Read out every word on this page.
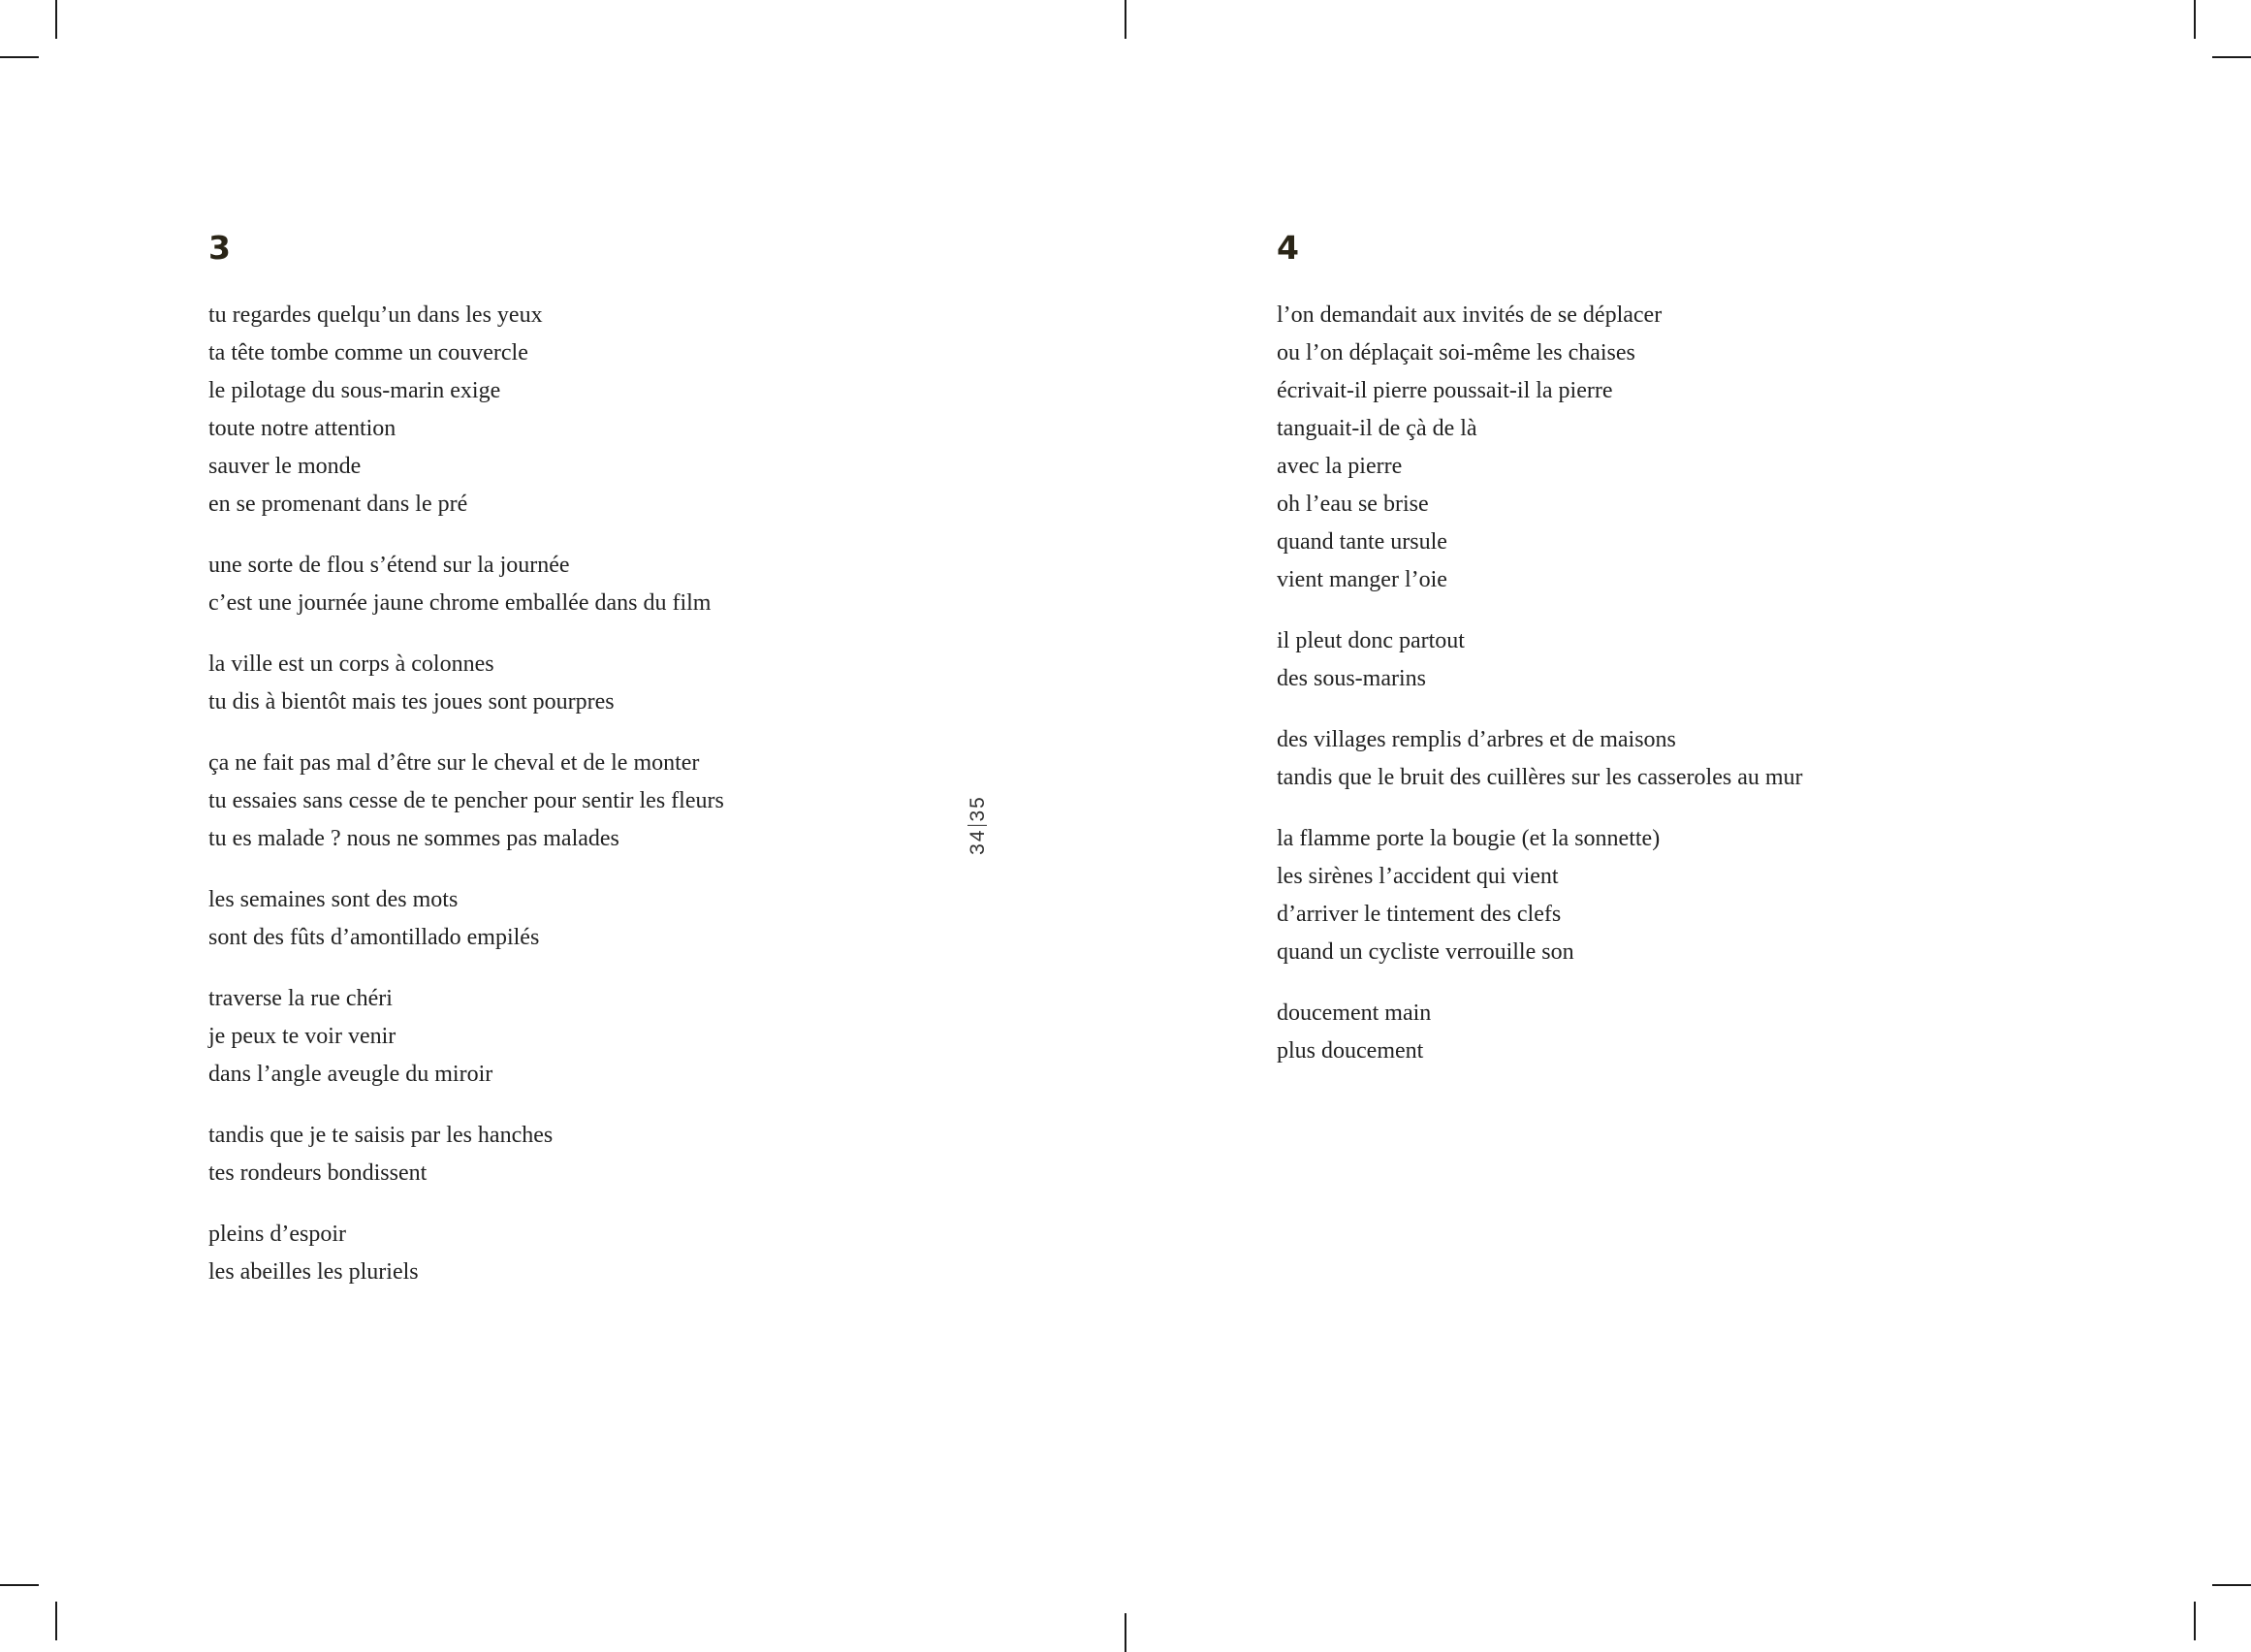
3
tu regardes quelqu’un dans les yeux
ta tête tombe comme un couvercle
le pilotage du sous-marin exige
toute notre attention
sauver le monde
en se promenant dans le pré
une sorte de flou s’étend sur la journée
c’est une journée jaune chrome emballée dans du film
la ville est un corps à colonnes
tu dis à bientôt mais tes joues sont pourpres
ça ne fait pas mal d’être sur le cheval et de le monter
tu essaies sans cesse de te pencher pour sentir les fleurs
tu es malade ? nous ne sommes pas malades
les semaines sont des mots
sont des fûts d’amontillado empilés
traverse la rue chéri
je peux te voir venir
dans l’angle aveugle du miroir
tandis que je te saisis par les hanches
tes rondeurs bondissent
pleins d’espoir
les abeilles les pluriels
3435
4
l’on demandait aux invités de se déplacer
ou l’on déplaçait soi-même les chaises
écrivait-il pierre poussait-il la pierre
tanguait-il de çà de là
avec la pierre
oh l’eau se brise
quand tante ursule
vient manger l’oie
il pleut donc partout
des sous-marins
des villages remplis d’arbres et de maisons
tandis que le bruit des cuillères sur les casseroles au mur
la flamme porte la bougie (et la sonnette)
les sirènes l’accident qui vient
d’arriver le tintement des clefs
quand un cycliste verrouille son
doucement main
plus doucement
